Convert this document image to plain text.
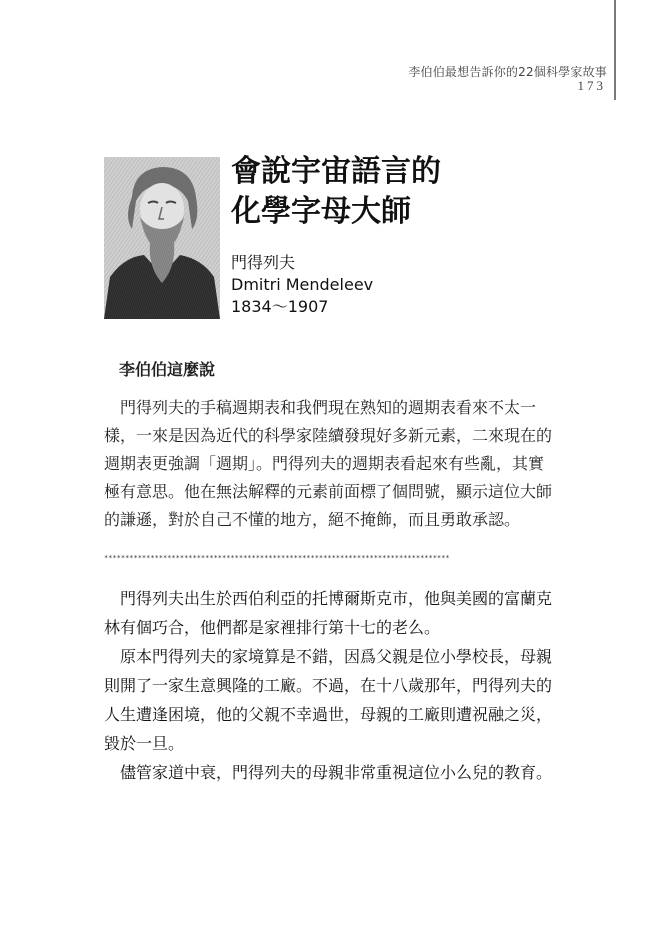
李伯伯最想告訴你的22個科學家故事
173
會說宇宙語言的
化學字母大師
門得列夫
Dmitri Mendeleev
1834～1907
李伯伯這麼說
門得列夫的手稿週期表和我們現在熟知的週期表看來不太一
樣，一來是因為近代的科學家陸續發現好多新元素，二來現在的
週期表更強調「週期」。門得列夫的週期表看起來有些亂，其實
極有意思。他在無法解釋的元素前面標了個問號，顯示這位大師
的謙遜，對於自己不懂的地方，絕不掩飾，而且勇敢承認。
**********************************************************************************
門得列夫出生於西伯利亞的托博爾斯克市，他與美國的富蘭克
林有個巧合，他們都是家裡排行第十七的老么。
原本門得列夫的家境算是不錯，因爲父親是位小學校長，母親
則開了一家生意興隆的工廠。不過，在十八歲那年，門得列夫的
人生遭逢困境，他的父親不幸過世，母親的工廠則遭祝融之災，
毀於一旦。
儘管家道中衰，門得列夫的母親非常重視這位小么兒的教育。
